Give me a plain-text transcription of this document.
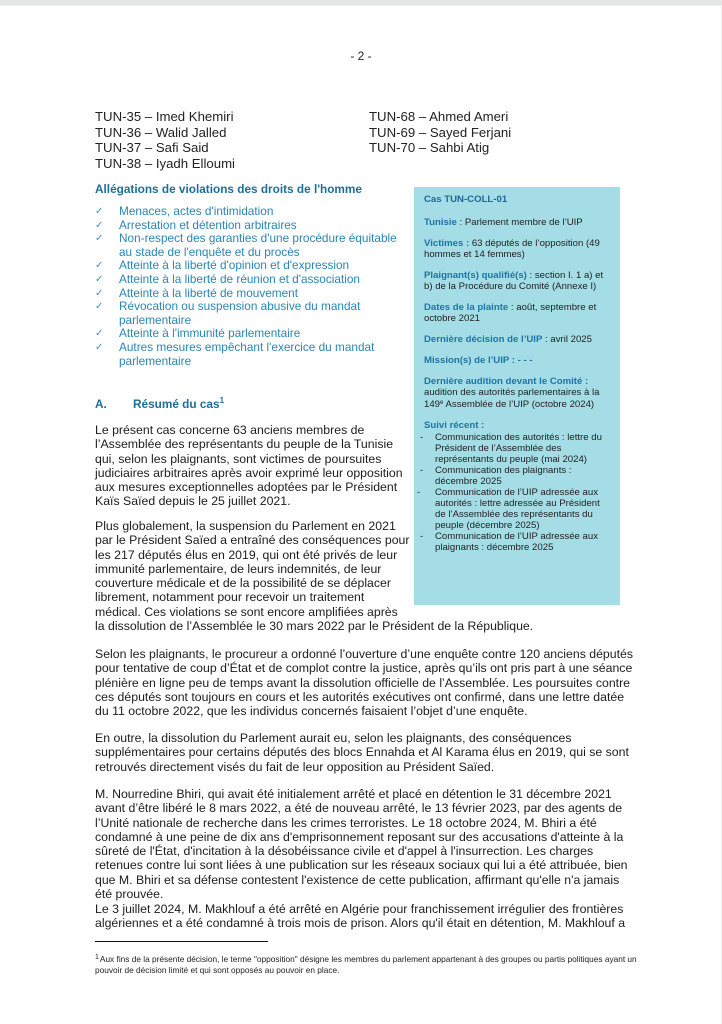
- 2 -
TUN-35 – Imed Khemiri
TUN-36 – Walid Jalled
TUN-37 – Safi Said
TUN-38 – Iyadh Elloumi
TUN-68 – Ahmed Ameri
TUN-69 – Sayed Ferjani
TUN-70 – Sahbi Atig
Allégations de violations des droits de l'homme
✓ Menaces, actes d'intimidation
✓ Arrestation et détention arbitraires
✓ Non-respect des garanties d'une procédure équitable au stade de l'enquête et du procès
✓ Atteinte à la liberté d'opinion et d'expression
✓ Atteinte à la liberté de réunion et d'association
✓ Atteinte à la liberté de mouvement
✓ Révocation ou suspension abusive du mandat parlementaire
✓ Atteinte à l'immunité parlementaire
✓ Autres mesures empêchant l'exercice du mandat parlementaire
Cas TUN-COLL-01
Tunisie : Parlement membre de l’UIP
Victimes : 63 députés de l’opposition (49 hommes et 14 femmes)
Plaignant(s) qualifié(s) : section I. 1 a) et b) de la Procédure du Comité (Annexe I)
Dates de la plainte : août, septembre et octobre 2021
Dernière décision de l’UIP : avril 2025
Mission(s) de l’UIP : - - -
Dernière audition devant le Comité :
audition des autorités parlementaires à la 149e Assemblée de l’UIP (octobre 2024)
Suivi récent :
- Communication des autorités : lettre du Président de l’Assemblée des représentants du peuple (mai 2024)
- Communication des plaignants : décembre 2025
- Communication de l’UIP adressée aux autorités : lettre adressée au Président de l’Assemblée des représentants du peuple (décembre 2025)
- Communication de l’UIP adressée aux plaignants : décembre 2025
A. Résumé du cas$^1$

Le présent cas concerne 63 anciens membres de l’Assemblée des représentants du peuple de la Tunisie qui, selon les plaignants, sont victimes de poursuites judiciaires arbitraires après avoir exprimé leur opposition aux mesures exceptionnelles adoptées par le Président Kaïs Saïed depuis le 25 juillet 2021.

Plus globalement, la suspension du Parlement en 2021 par le Président Saïed a entraîné des conséquences pour les 217 députés élus en 2019, qui ont été privés de leur immunité parlementaire, de leurs indemnités, de leur couverture médicale et de la possibilité de se déplacer librement, notamment pour recevoir un traitement médical. Ces violations se sont encore amplifiées après

la dissolution de l’Assemblée le 30 mars 2022 par le Président de la République.

Selon les plaignants, le procureur a ordonné l’ouverture d’une enquête contre 120 anciens députés pour tentative de coup d’État et de complot contre la justice, après qu’ils ont pris part à une séance plénière en ligne peu de temps avant la dissolution officielle de l’Assemblée. Les poursuites contre ces députés sont toujours en cours et les autorités exécutives ont confirmé, dans une lettre datée du 11 octobre 2022, que les individus concernés faisaient l’objet d’une enquête.

En outre, la dissolution du Parlement aurait eu, selon les plaignants, des conséquences supplémentaires pour certains députés des blocs Ennahda et Al Karama élus en 2019, qui se sont retrouvés directement visés du fait de leur opposition au Président Saïed.

M. Nourredine Bhiri, qui avait été initialement arrêté et placé en détention le 31 décembre 2021 avant d’être libéré le 8 mars 2022, a été de nouveau arrêté, le 13 février 2023, par des agents de l’Unité nationale de recherche dans les crimes terroristes. Le 18 octobre 2024, M. Bhiri a été condamné à une peine de dix ans d'emprisonnement reposant sur des accusations d'atteinte à la sûreté de l'État, d'incitation à la désobéissance civile et d'appel à l'insurrection. Les charges retenues contre lui sont liées à une publication sur les réseaux sociaux qui lui a été attribuée, bien que M. Bhiri et sa défense contestent l'existence de cette publication, affirmant qu'elle n'a jamais été prouvée.

Le 3 juillet 2024, M. Makhlouf a été arrêté en Algérie pour franchissement irrégulier des frontières algériennes et a été condamné à trois mois de prison. Alors qu'il était en détention, M. Makhlouf a

$^1$Aux fins de la présente décision, le terme "opposition" désigne les membres du parlement appartenant à des groupes ou partis politiques ayant un pouvoir de décision limité et qui sont opposés au pouvoir en place.
